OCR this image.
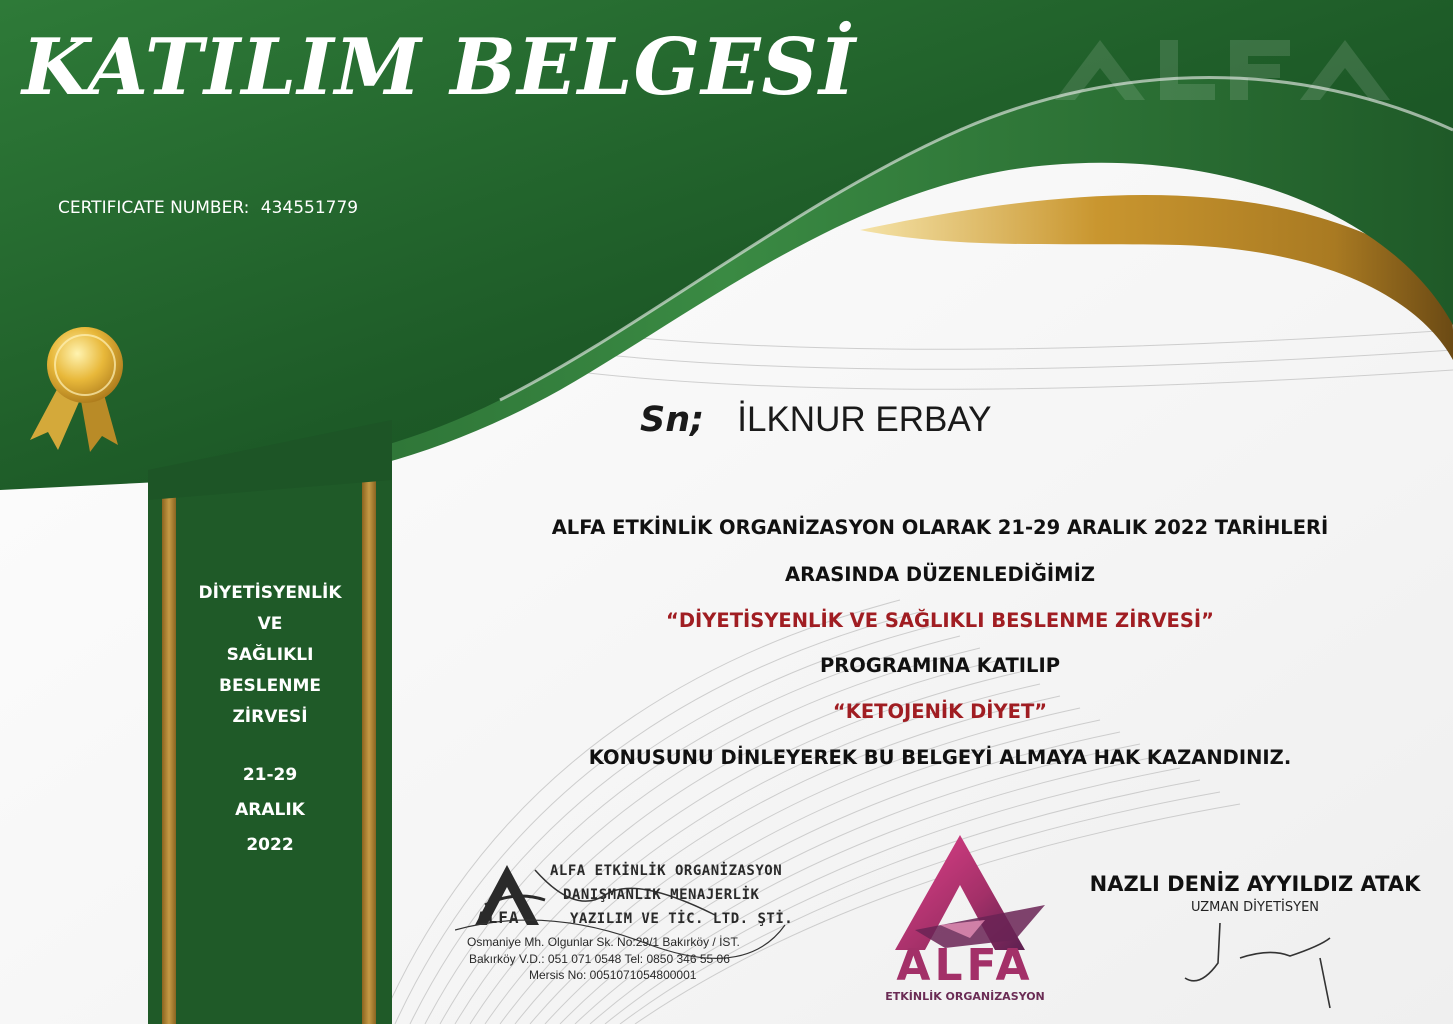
KATILIM BELGESİ
CERTIFICATE NUMBER: 434551779
DİYETİSYENLİK
VE
SAĞLIKLI
BESLENME
ZİRVESİ
21-29
ARALIK
2022
Sn; İLKNUR ERBAY
ALFA ETKİNLİK ORGANİZASYON OLARAK 21-29 ARALIK 2022 TARİHLERİ
ARASINDA DÜZENLEDİĞİMİZ
“DİYETİSYENLİK VE SAĞLIKLI BESLENME ZİRVESİ”
PROGRAMINA KATILIP
“KETOJENİK DİYET”
KONUSUNU DİNLEYEREK BU BELGEYİ ALMAYA HAK KAZANDINIZ.
ALFA
ALFA ETKİNLİK ORGANİZASYON
DANIŞMANLIK MENAJERLİK
YAZILIM VE TİC. LTD. ŞTİ.
Osmaniye Mh. Olgunlar Sk. No:29/1 Bakırköy / İST.
Bakırköy V.D.: 051 071 0548 Tel: 0850 346 55 06
Mersis No: 0051071054800001	ALFA
ETKİNLİK ORGANİZASYON
NAZLI DENİZ AYYILDIZ ATAK
UZMAN DİYETİSYEN
